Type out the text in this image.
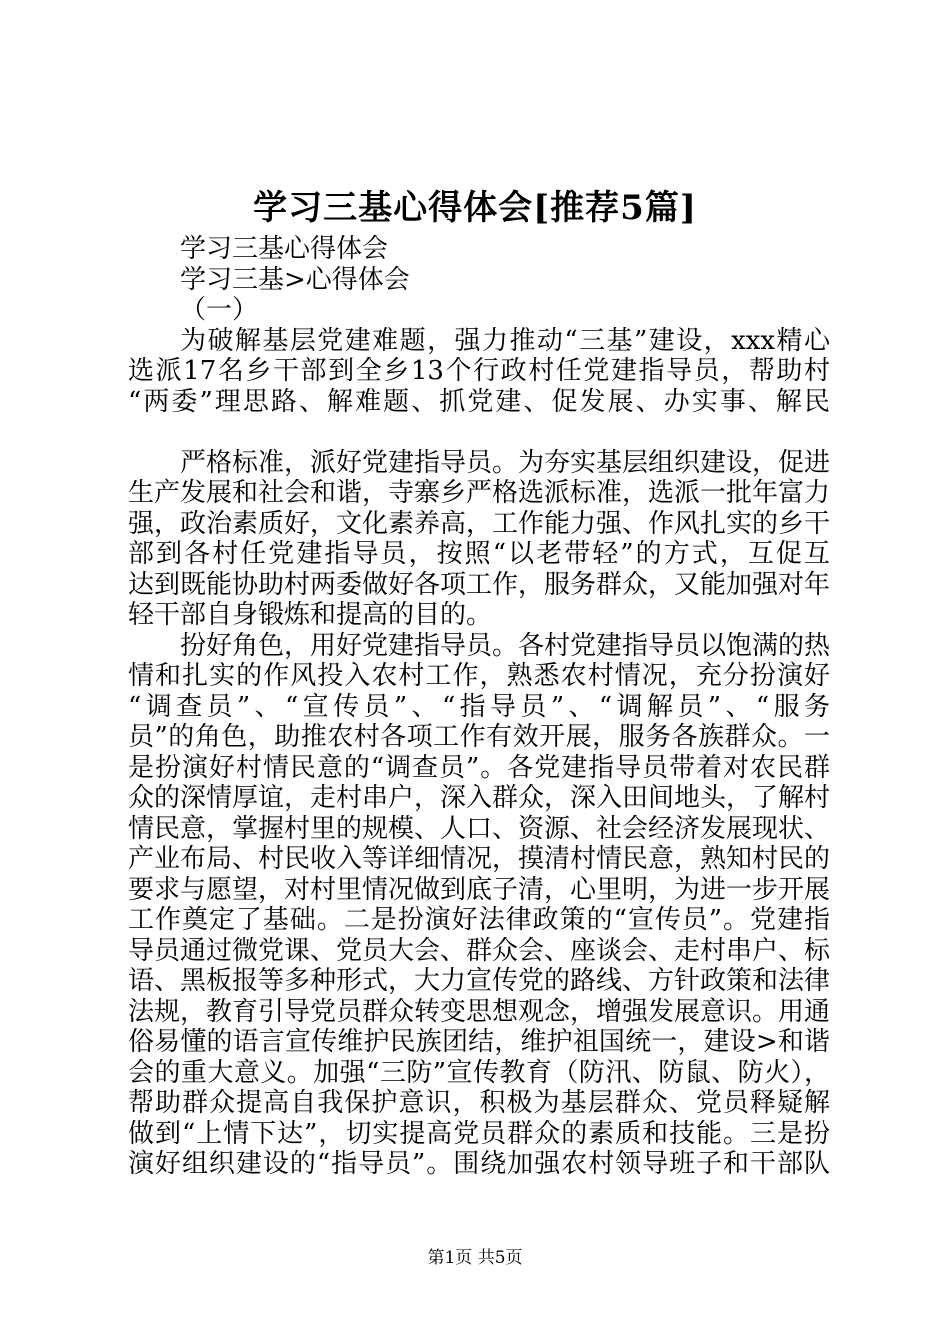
学习三基心得体会[推荐5篇]
学习三基心得体会
学习三基>心得体会
（一）
为破解基层党建难题，强力推动“三基”建设，xxx精心
选派17名乡干部到全乡13个行政村任党建指导员，帮助村
“两委”理思路、解难题、抓党建、促发展、办实事、解民
严格标准，派好党建指导员。为夯实基层组织建设，促进
生产发展和社会和谐，寺寨乡严格选派标准，选派一批年富力
强，政治素质好，文化素养高，工作能力强、作风扎实的乡干
部到各村任党建指导员，按照“以老带轻”的方式，互促互
达到既能协助村两委做好各项工作，服务群众，又能加强对年
轻干部自身锻炼和提高的目的。
扮好角色，用好党建指导员。各村党建指导员以饱满的热
情和扎实的作风投入农村工作，熟悉农村情况，充分扮演好
“调查员”、“宣传员”、“指导员”、“调解员”、“服务
员”的角色，助推农村各项工作有效开展，服务各族群众。一
是扮演好村情民意的“调查员”。各党建指导员带着对农民群
众的深情厚谊，走村串户，深入群众，深入田间地头，了解村
情民意，掌握村里的规模、人口、资源、社会经济发展现状、
产业布局、村民收入等详细情况，摸清村情民意，熟知村民的
要求与愿望，对村里情况做到底子清，心里明，为进一步开展
工作奠定了基础。二是扮演好法律政策的“宣传员”。党建指
导员通过微党课、党员大会、群众会、座谈会、走村串户、标
语、黑板报等多种形式，大力宣传党的路线、方针政策和法律
法规，教育引导党员群众转变思想观念，增强发展意识。用通
俗易懂的语言宣传维护民族团结，维护祖国统一，建设>和谐
会的重大意义。加强“三防”宣传教育（防汛、防鼠、防火），
帮助群众提高自我保护意识，积极为基层群众、党员释疑解
做到“上情下达”，切实提高党员群众的素质和技能。三是扮
演好组织建设的“指导员”。围绕加强农村领导班子和干部队
第1页 共5页
